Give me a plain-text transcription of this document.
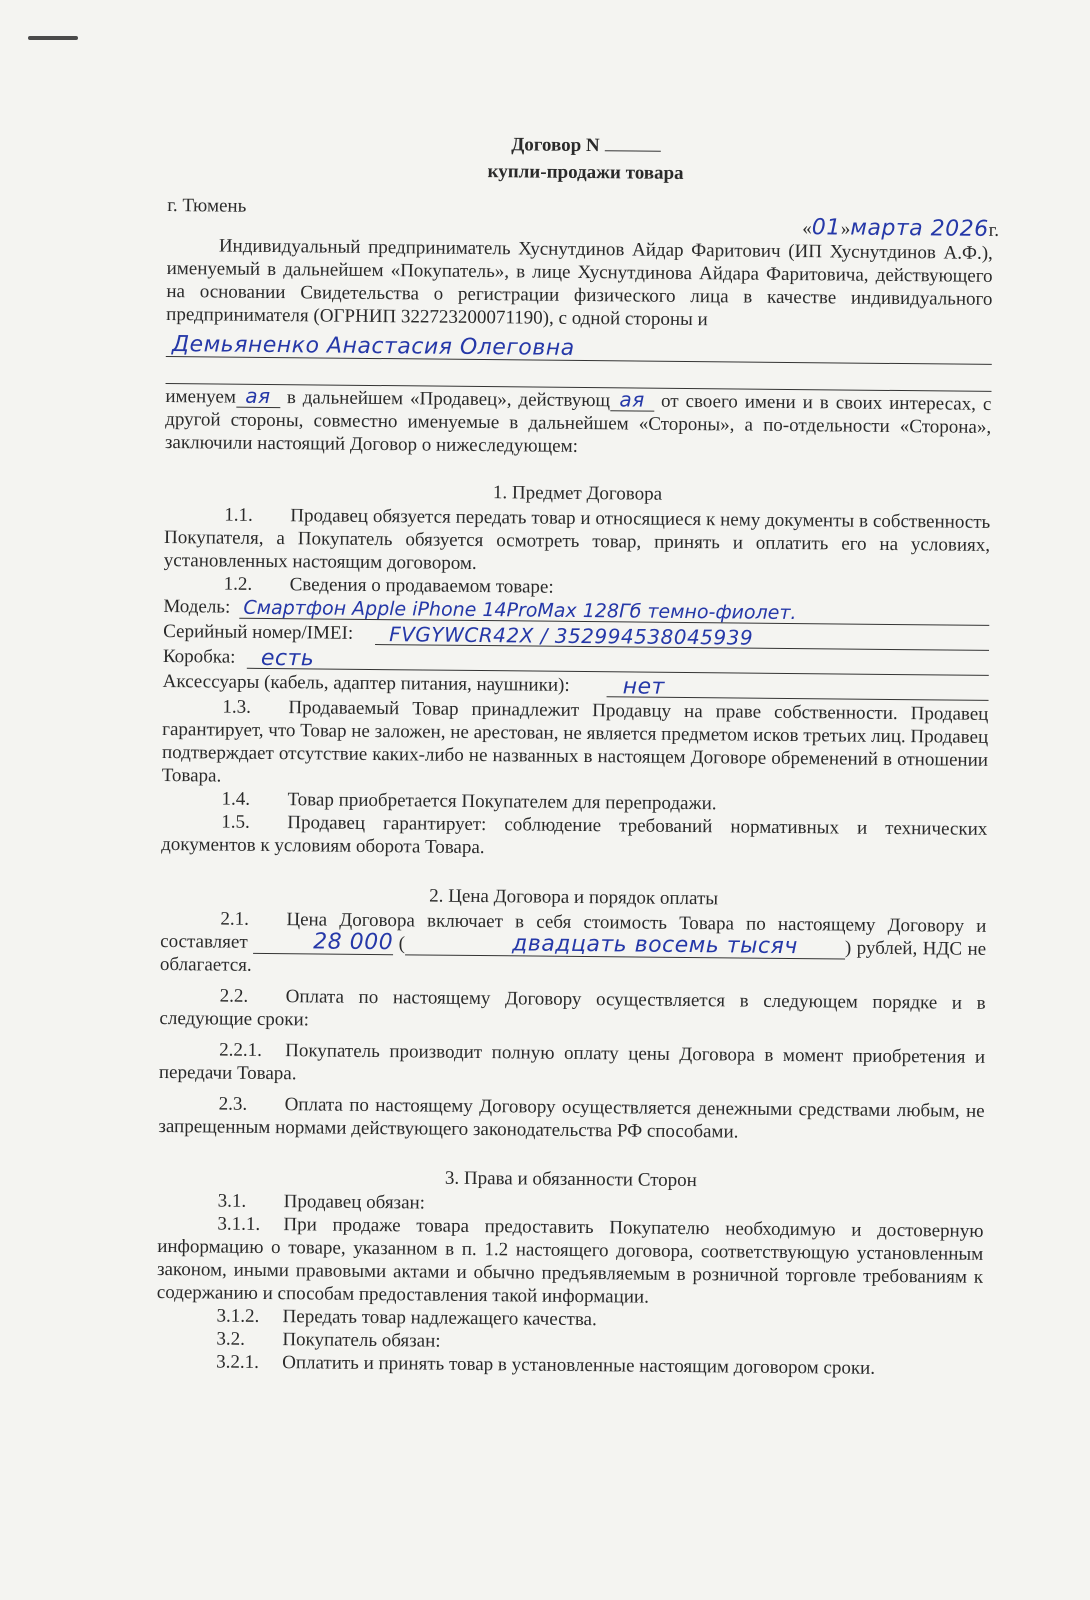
Договор N
купли-продажи товара
г. Тюмень
«01»марта 2026г.

Индивидуальный предприниматель Хуснутдинов Айдар Фаритович (ИП Хуснутдинов А.Ф.), именуемый в дальнейшем «Покупатель», в лице Хуснутдинова Айдара Фаритовича, действующего на основании Свидетельства о регистрации физического лица в качестве индивидуального предпринимателя (ОГРНИП 322723200071190), с одной стороны и

Демьяненко Анастасия Олеговна

именуем ая в дальнейшем «Продавец», действующ ая от своего имени и в своих интересах, с другой стороны, совместно именуемые в дальнейшем «Стороны», а по-отдельности «Сторона», заключили настоящий Договор о нижеследующем:

1. Предмет Договора

1.1. Продавец обязуется передать товар и относящиеся к нему документы в собственность Покупателя, а Покупатель обязуется осмотреть товар, принять и оплатить его на условиях, установленных настоящим договором.

1.2. Сведения о продаваемом товаре:

Модель: Смартфон Apple iPhone 14ProMax 128Гб темно-фиолет.
Серийный номер/IMEI: FVGYWCR42X / 352994538045939
Коробка: есть
Аксессуары (кабель, адаптер питания, наушники): нет

1.3. Продаваемый Товар принадлежит Продавцу на праве собственности. Продавец гарантирует, что Товар не заложен, не арестован, не является предметом исков третьих лиц. Продавец подтверждает отсутствие каких-либо не названных в настоящем Договоре обременений в отношении Товара.

1.4. Товар приобретается Покупателем для перепродажи.

1.5. Продавец гарантирует: соблюдение требований нормативных и технических документов к условиям оборота Товара.

2. Цена Договора и порядок оплаты

2.1. Цена Договора включает в себя стоимость Товара по настоящему Договору и составляет	28 000 (	двадцать восемь тысяч ) рублей, НДС не облагается.

2.2. Оплата по настоящему Договору осуществляется в следующем порядке и в следующие сроки:

2.2.1. Покупатель производит полную оплату цены Договора в момент приобретения и передачи Товара.

2.3. Оплата по настоящему Договору осуществляется денежными средствами любым, не запрещенным нормами действующего законодательства РФ способами.

3. Права и обязанности Сторон

3.1. Продавец обязан:

3.1.1. При продаже товара предоставить Покупателю необходимую и достоверную информацию о товаре, указанном в п. 1.2 настоящего договора, соответствующую установленным законом, иными правовыми актами и обычно предъявляемым в розничной торговле требованиям к содержанию и способам предоставления такой информации.

3.1.2. Передать товар надлежащего качества.

3.2. Покупатель обязан:

3.2.1. Оплатить и принять товар в установленные настоящим договором сроки.
